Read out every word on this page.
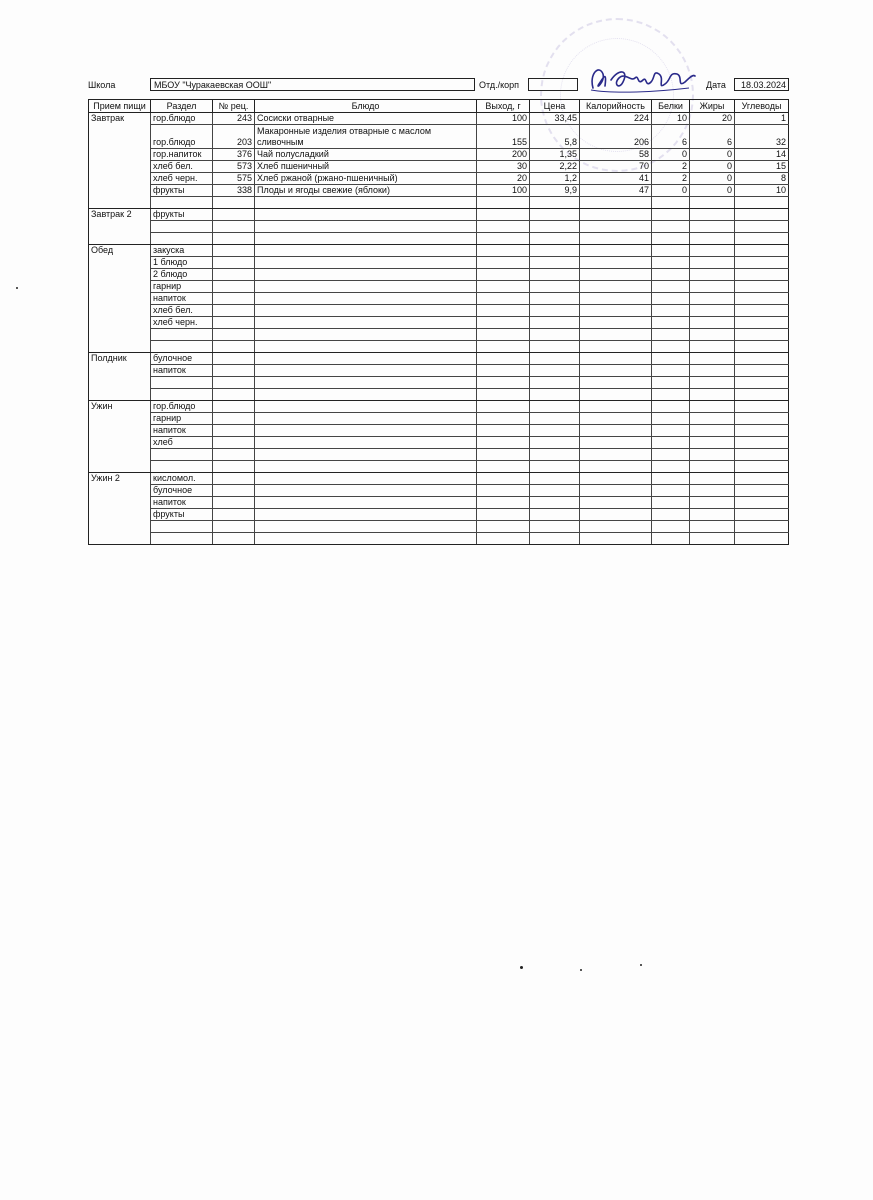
Школа	МБОУ "Чуракаевская ООШ"	Отд./корп	Дата	18.03.2024
Прием пищи	Раздел	№ рец.	Блюдо	Выход, г	Цена	Калорийность	Белки	Жиры	Углеводы
Завтрак	гор.блюдо	243	Сосиски отварные	100	33,45	224	10	20	1
	гор.блюдо	203	Макаронные изделия отварные с маслом сливочным	155	5,8	206	6	6	32
	гор.напиток	376	Чай полусладкий	200	1,35	58	0	0	14
	хлеб бел.	573	Хлеб пшеничный	30	2,22	70	2	0	15
	хлеб черн.	575	Хлеб ржаной (ржано-пшеничный)	20	1,2	41	2	0	8
	фрукты	338	Плоды и ягоды свежие (яблоки)	100	9,9	47	0	0	10

Завтрак 2	фрукты								

Обед	закуска								
	1 блюдо								
	2 блюдо								
	гарнир								
	напиток								
	хлеб бел.								
	хлеб черн.								

Полдник	булочное								
	напиток								

Ужин	гор.блюдо								
	гарнир								
	напиток								
	хлеб								

Ужин 2	кисломол.								
	булочное								
	напиток								
	фрукты								
